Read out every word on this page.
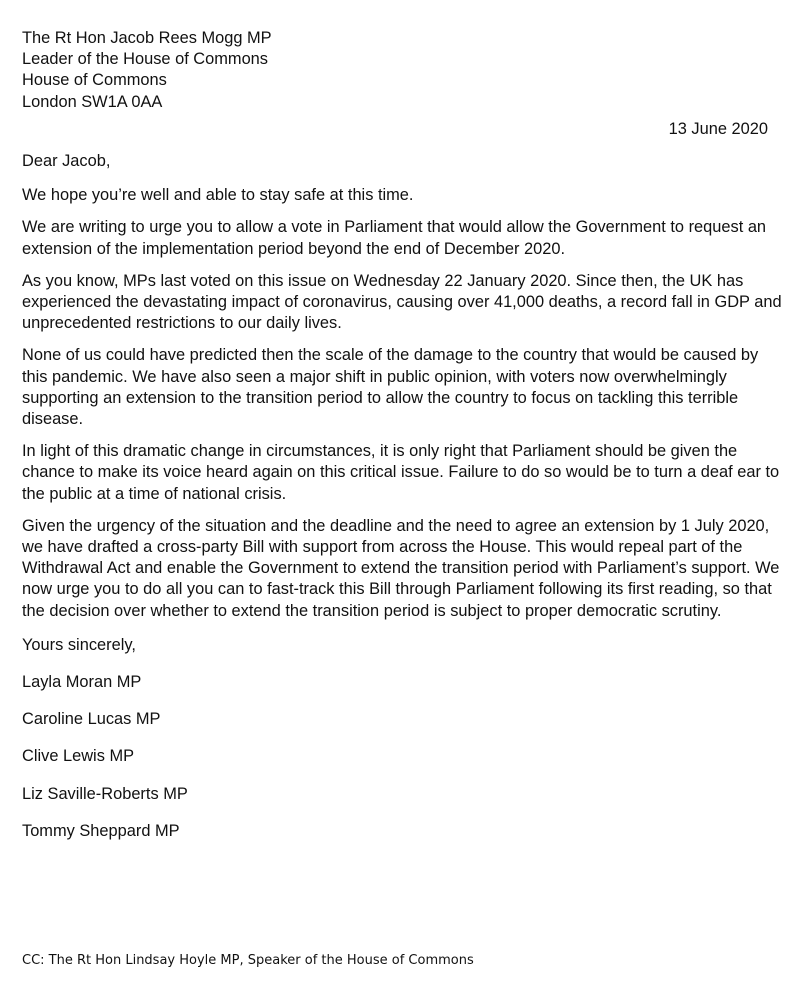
The Rt Hon Jacob Rees Mogg MP
Leader of the House of Commons
House of Commons
London SW1A 0AA
13 June 2020
Dear Jacob,
We hope you’re well and able to stay safe at this time.
We are writing to urge you to allow a vote in Parliament that would allow the Government to request an extension of the implementation period beyond the end of December 2020.
As you know, MPs last voted on this issue on Wednesday 22 January 2020. Since then, the UK has experienced the devastating impact of coronavirus, causing over 41,000 deaths, a record fall in GDP and unprecedented restrictions to our daily lives.
None of us could have predicted then the scale of the damage to the country that would be caused by this pandemic. We have also seen a major shift in public opinion, with voters now overwhelmingly supporting an extension to the transition period to allow the country to focus on tackling this terrible disease.
In light of this dramatic change in circumstances, it is only right that Parliament should be given the chance to make its voice heard again on this critical issue. Failure to do so would be to turn a deaf ear to the public at a time of national crisis.
Given the urgency of the situation and the deadline and the need to agree an extension by 1 July 2020, we have drafted a cross-party Bill with support from across the House. This would repeal part of the Withdrawal Act and enable the Government to extend the transition period with Parliament’s support. We now urge you to do all you can to fast-track this Bill through Parliament following its first reading, so that the decision over whether to extend the transition period is subject to proper democratic scrutiny.
Yours sincerely,
Layla Moran MP
Caroline Lucas MP
Clive Lewis MP
Liz Saville-Roberts MP
Tommy Sheppard MP
CC: The Rt Hon Lindsay Hoyle MP, Speaker of the House of Commons
